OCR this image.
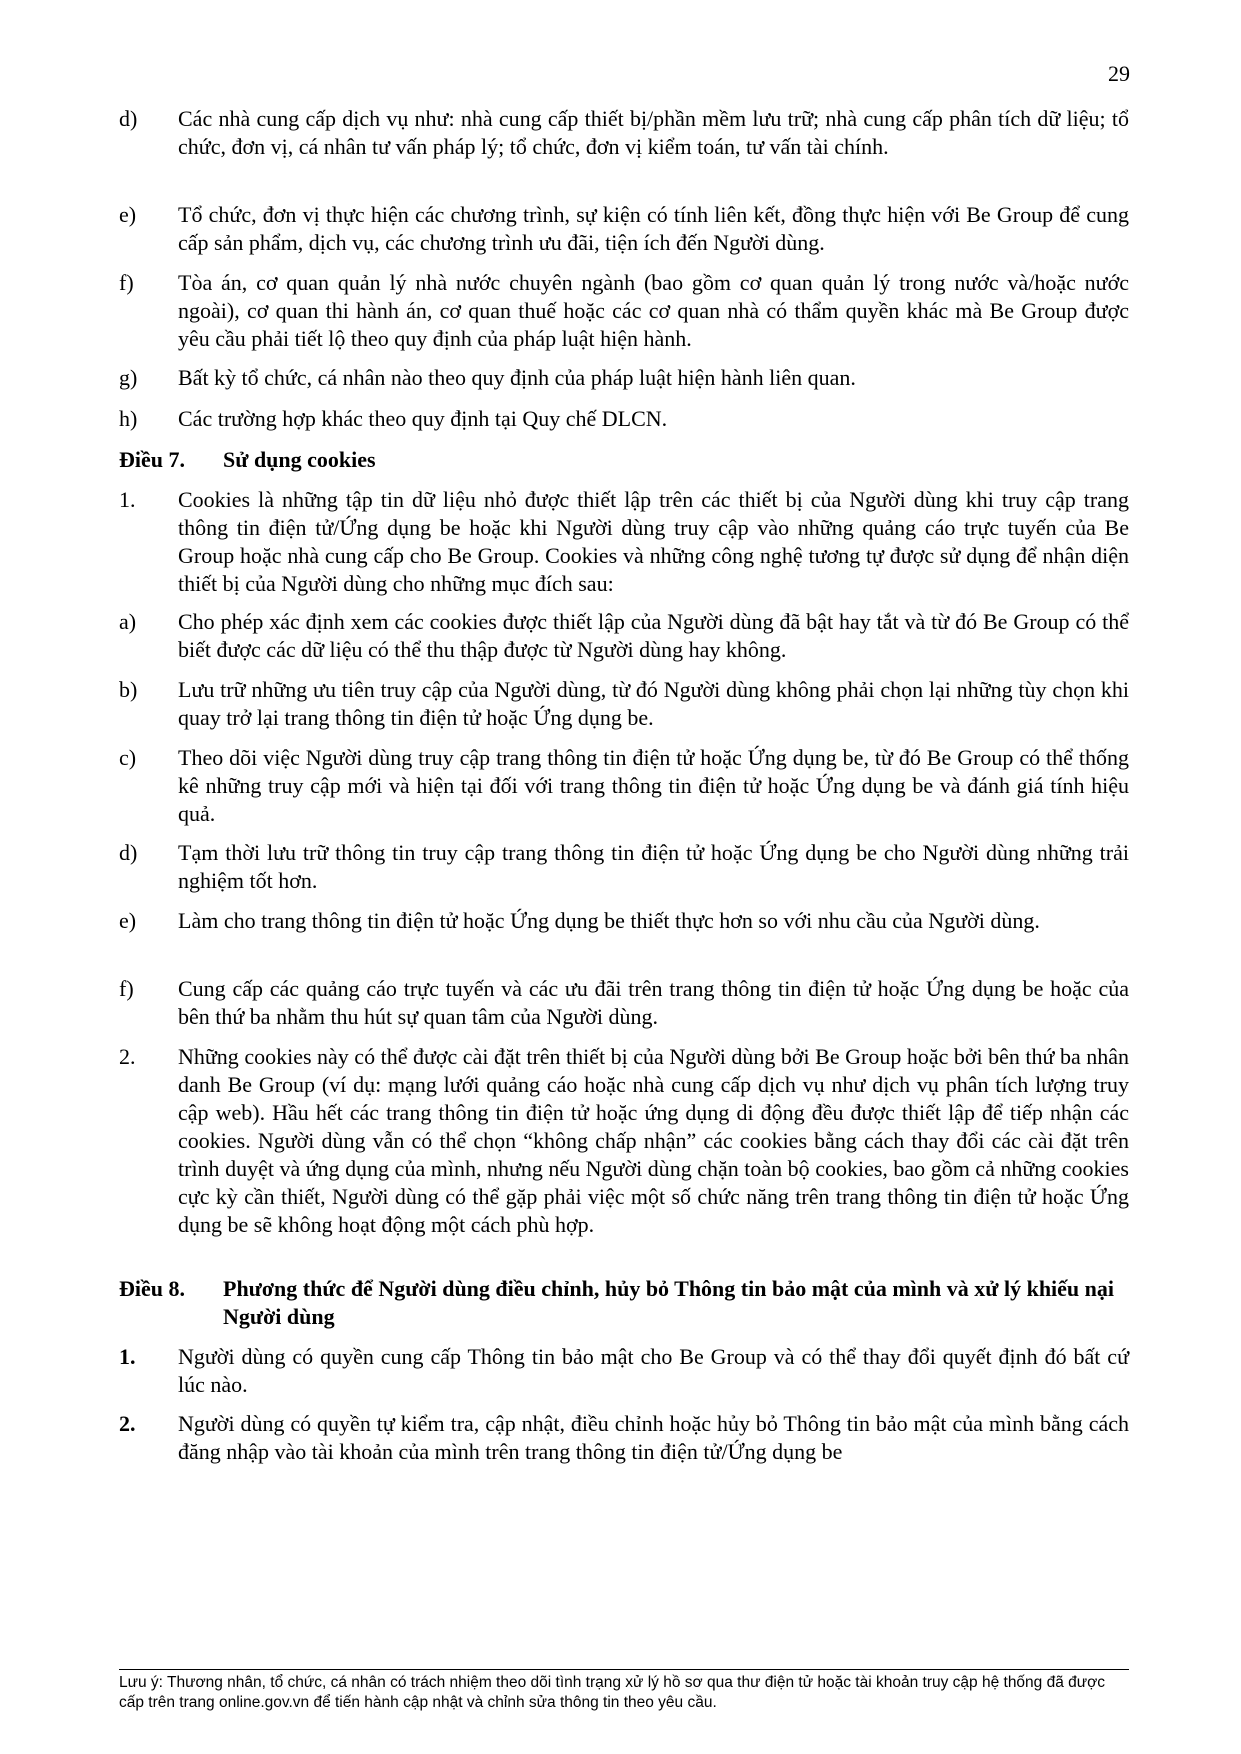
29
d) Các nhà cung cấp dịch vụ như: nhà cung cấp thiết bị/phần mềm lưu trữ; nhà cung cấp phân tích dữ liệu; tổ chức, đơn vị, cá nhân tư vấn pháp lý; tổ chức, đơn vị kiểm toán, tư vấn tài chính.
e) Tổ chức, đơn vị thực hiện các chương trình, sự kiện có tính liên kết, đồng thực hiện với Be Group để cung cấp sản phẩm, dịch vụ, các chương trình ưu đãi, tiện ích đến Người dùng.
f) Tòa án, cơ quan quản lý nhà nước chuyên ngành (bao gồm cơ quan quản lý trong nước và/hoặc nước ngoài), cơ quan thi hành án, cơ quan thuế hoặc các cơ quan nhà có thẩm quyền khác mà Be Group được yêu cầu phải tiết lộ theo quy định của pháp luật hiện hành.
g) Bất kỳ tổ chức, cá nhân nào theo quy định của pháp luật hiện hành liên quan.
h) Các trường hợp khác theo quy định tại Quy chế DLCN.
Điều 7. Sử dụng cookies
1. Cookies là những tập tin dữ liệu nhỏ được thiết lập trên các thiết bị của Người dùng khi truy cập trang thông tin điện tử/Ứng dụng be hoặc khi Người dùng truy cập vào những quảng cáo trực tuyến của Be Group hoặc nhà cung cấp cho Be Group. Cookies và những công nghệ tương tự được sử dụng để nhận diện thiết bị của Người dùng cho những mục đích sau:
a) Cho phép xác định xem các cookies được thiết lập của Người dùng đã bật hay tắt và từ đó Be Group có thể biết được các dữ liệu có thể thu thập được từ Người dùng hay không.
b) Lưu trữ những ưu tiên truy cập của Người dùng, từ đó Người dùng không phải chọn lại những tùy chọn khi quay trở lại trang thông tin điện tử hoặc Ứng dụng be.
c) Theo dõi việc Người dùng truy cập trang thông tin điện tử hoặc Ứng dụng be, từ đó Be Group có thể thống kê những truy cập mới và hiện tại đối với trang thông tin điện tử hoặc Ứng dụng be và đánh giá tính hiệu quả.
d) Tạm thời lưu trữ thông tin truy cập trang thông tin điện tử hoặc Ứng dụng be cho Người dùng những trải nghiệm tốt hơn.
e) Làm cho trang thông tin điện tử hoặc Ứng dụng be thiết thực hơn so với nhu cầu của Người dùng.
f) Cung cấp các quảng cáo trực tuyến và các ưu đãi trên trang thông tin điện tử hoặc Ứng dụng be hoặc của bên thứ ba nhằm thu hút sự quan tâm của Người dùng.
2. Những cookies này có thể được cài đặt trên thiết bị của Người dùng bởi Be Group hoặc bởi bên thứ ba nhân danh Be Group (ví dụ: mạng lưới quảng cáo hoặc nhà cung cấp dịch vụ như dịch vụ phân tích lượng truy cập web). Hầu hết các trang thông tin điện tử hoặc ứng dụng di động đều được thiết lập để tiếp nhận các cookies. Người dùng vẫn có thể chọn “không chấp nhận” các cookies bằng cách thay đổi các cài đặt trên trình duyệt và ứng dụng của mình, nhưng nếu Người dùng chặn toàn bộ cookies, bao gồm cả những cookies cực kỳ cần thiết, Người dùng có thể gặp phải việc một số chức năng trên trang thông tin điện tử hoặc Ứng dụng be sẽ không hoạt động một cách phù hợp.
Điều 8. Phương thức để Người dùng điều chỉnh, hủy bỏ Thông tin bảo mật của mình và xử lý khiếu nại Người dùng
1. Người dùng có quyền cung cấp Thông tin bảo mật cho Be Group và có thể thay đổi quyết định đó bất cứ lúc nào.
2. Người dùng có quyền tự kiểm tra, cập nhật, điều chỉnh hoặc hủy bỏ Thông tin bảo mật của mình bằng cách đăng nhập vào tài khoản của mình trên trang thông tin điện tử/Ứng dụng be
Lưu ý: Thương nhân, tổ chức, cá nhân có trách nhiệm theo dõi tình trạng xử lý hồ sơ qua thư điện tử hoặc tài khoản truy cập hệ thống đã được cấp trên trang online.gov.vn để tiến hành cập nhật và chỉnh sửa thông tin theo yêu cầu.
